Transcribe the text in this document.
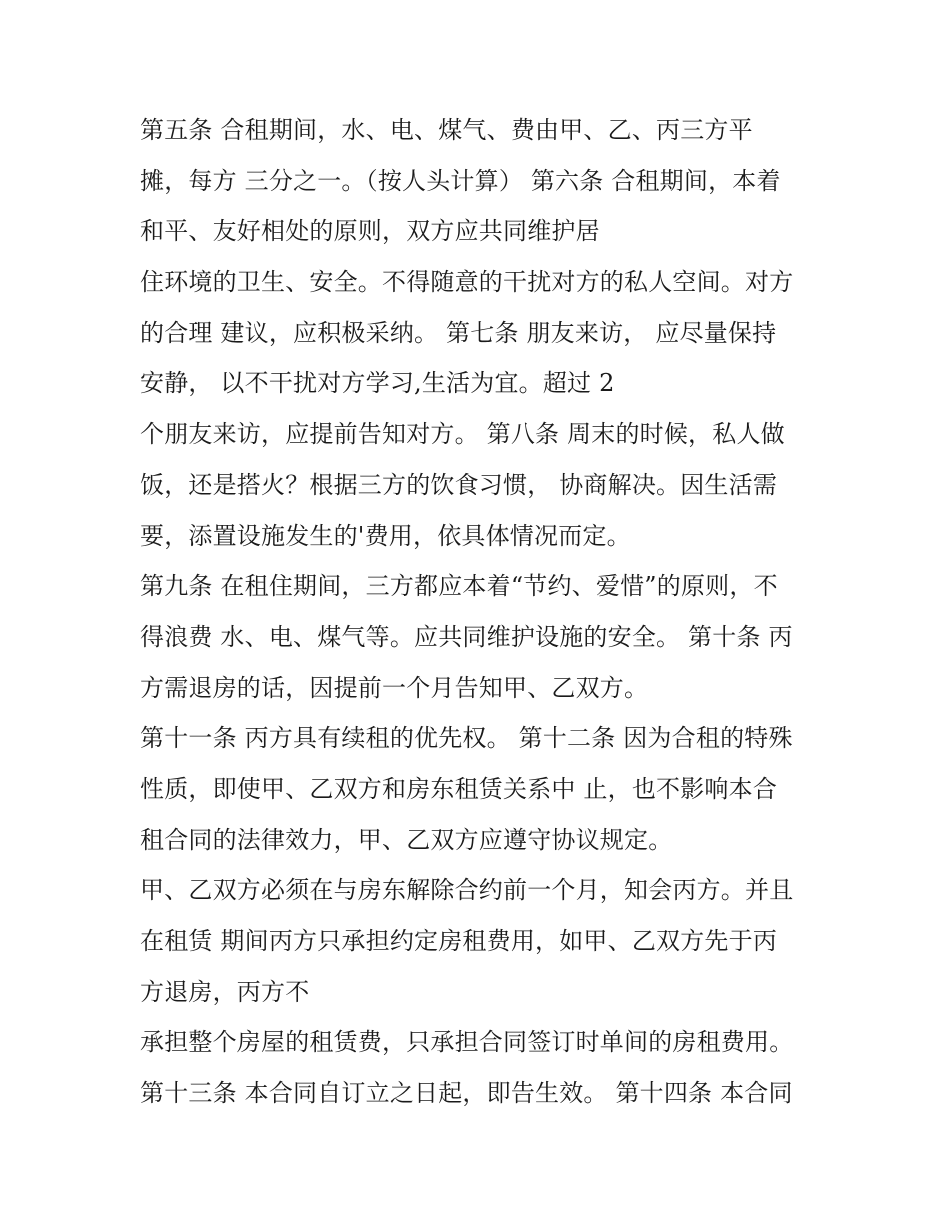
第五条 合租期间，水、电、煤气、费由甲、乙、丙三方平
摊，每方 三分之一。（按人头计算） 第六条 合租期间，本着
和平、友好相处的原则，双方应共同维护居
住环境的卫生、安全。不得随意的干扰对方的私人空间。对方
的合理 建议，应积极采纳。 第七条 朋友来访， 应尽量保持
安静， 以不干扰对方学习,生活为宜。超过 2
个朋友来访，应提前告知对方。 第八条 周末的时候，私人做
饭，还是搭火？根据三方的饮食习惯， 协商解决。因生活需
要，添置设施发生的'费用，依具体情况而定。
第九条 在租住期间，三方都应本着“节约、爱惜”的原则，不
得浪费 水、电、煤气等。应共同维护设施的安全。 第十条 丙
方需退房的话，因提前一个月告知甲、乙双方。
第十一条 丙方具有续租的优先权。 第十二条 因为合租的特殊
性质，即使甲、乙双方和房东租赁关系中 止，也不影响本合
租合同的法律效力，甲、乙双方应遵守协议规定。
甲、乙双方必须在与房东解除合约前一个月，知会丙方。并且
在租赁 期间丙方只承担约定房租费用，如甲、乙双方先于丙
方退房，丙方不
承担整个房屋的租赁费，只承担合同签订时单间的房租费用。
第十三条 本合同自订立之日起，即告生效。 第十四条 本合同
